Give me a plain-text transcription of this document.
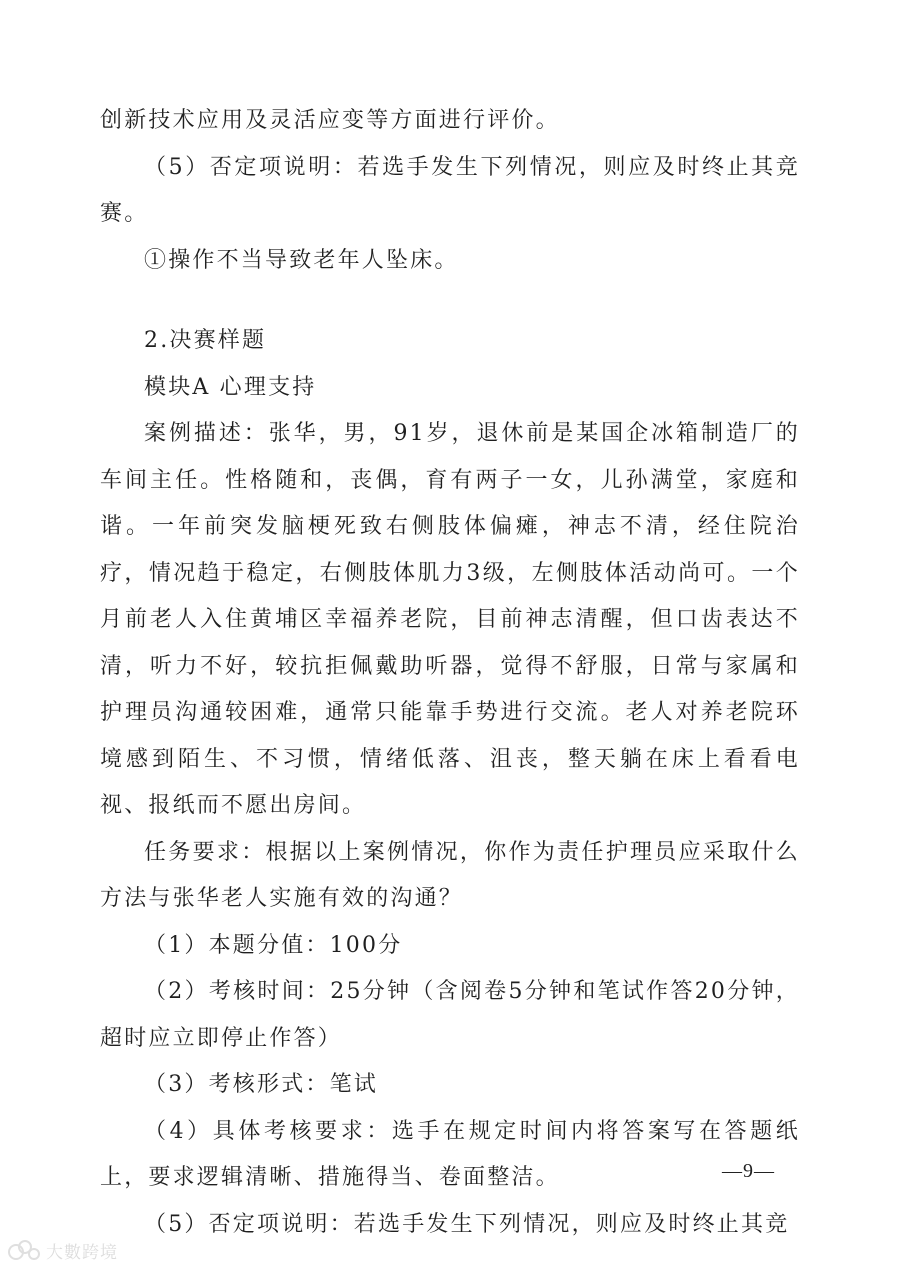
创新技术应用及灵活应变等方面进行评价。

（5）否定项说明：若选手发生下列情况，则应及时终止其竞赛。

①操作不当导致老年人坠床。

2.决赛样题

模块A 心理支持

案例描述：张华，男，91岁，退休前是某国企冰箱制造厂的车间主任。性格随和，丧偶，育有两子一女，儿孙满堂，家庭和谐。一年前突发脑梗死致右侧肢体偏瘫，神志不清，经住院治疗，情况趋于稳定，右侧肢体肌力3级，左侧肢体活动尚可。一个月前老人入住黄埔区幸福养老院，目前神志清醒，但口齿表达不清，听力不好，较抗拒佩戴助听器，觉得不舒服，日常与家属和护理员沟通较困难，通常只能靠手势进行交流。老人对养老院环境感到陌生、不习惯，情绪低落、沮丧，整天躺在床上看看电视、报纸而不愿出房间。

任务要求：根据以上案例情况，你作为责任护理员应采取什么方法与张华老人实施有效的沟通？

（1）本题分值：100分

（2）考核时间：25分钟（含阅卷5分钟和笔试作答20分钟，超时应立即停止作答）

（3）考核形式：笔试

（4）具体考核要求：选手在规定时间内将答案写在答题纸上，要求逻辑清晰、措施得当、卷面整洁。

（5）否定项说明：若选手发生下列情况，则应及时终止其竞

—9—
大數跨境
